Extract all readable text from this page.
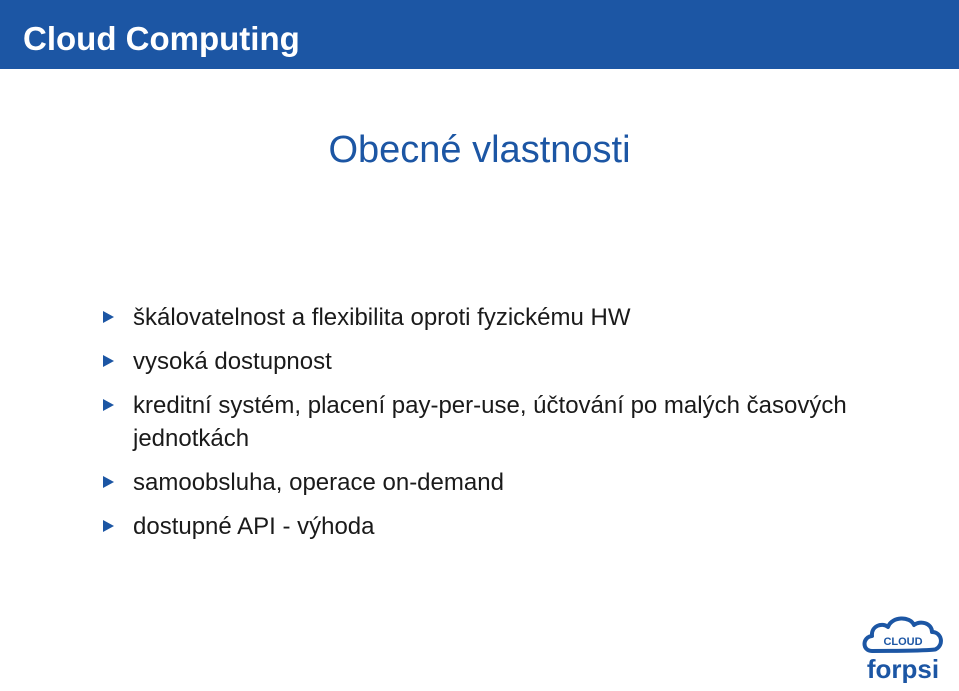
Cloud Computing
Obecné vlastnosti
škálovatelnost a flexibilita oproti fyzickému HW
vysoká dostupnost
kreditní systém, placení pay-per-use, účtování po malých časových jednotkách
samoobsluha, operace on-demand
dostupné API - výhoda
CLOUD
forpsi
